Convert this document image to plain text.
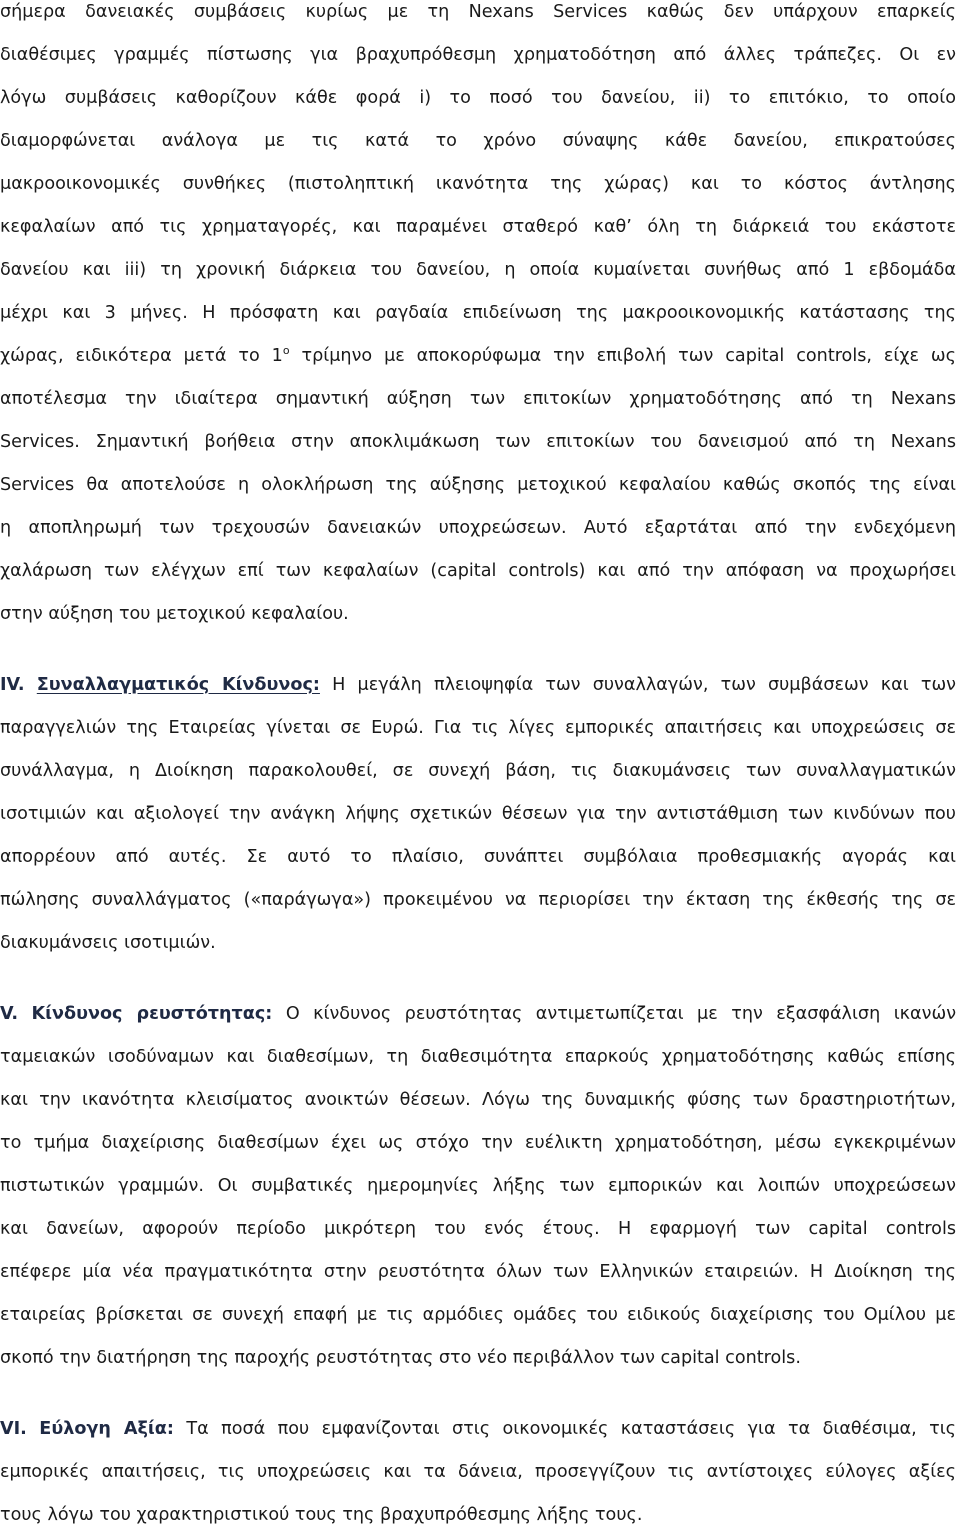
σήμερα δανειακές συμβάσεις κυρίως με τη Nexans Services καθώς δεν υπάρχουν επαρκείς
διαθέσιμες γραμμές πίστωσης για βραχυπρόθεσμη χρηματοδότηση από άλλες τράπεζες. Οι εν
λόγω συμβάσεις καθορίζουν κάθε φορά i) το ποσό του δανείου, ii) το επιτόκιο, το οποίο
διαμορφώνεται ανάλογα με τις κατά το χρόνο σύναψης κάθε δανείου, επικρατούσες
μακροοικονομικές συνθήκες (πιστοληπτική ικανότητα της χώρας) και το κόστος άντλησης
κεφαλαίων από τις χρηματαγορές, και παραμένει σταθερό καθ’ όλη τη διάρκειά του εκάστοτε
δανείου και iii) τη χρονική διάρκεια του δανείου, η οποία κυμαίνεται συνήθως από 1 εβδομάδα
μέχρι και 3 μήνες. Η πρόσφατη και ραγδαία επιδείνωση της μακροοικονομικής κατάστασης της
χώρας, ειδικότερα μετά το $1^o$ τρίμηνο με αποκορύφωμα την επιβολή των capital controls, είχε ως
αποτέλεσμα την ιδιαίτερα σημαντική αύξηση των επιτοκίων χρηματοδότησης από τη Nexans
Services. Σημαντική βοήθεια στην αποκλιμάκωση των επιτοκίων του δανεισμού από τη Nexans
Services θα αποτελούσε η ολοκλήρωση της αύξησης μετοχικού κεφαλαίου καθώς σκοπός της είναι
η αποπληρωμή των τρεχουσών δανειακών υποχρεώσεων. Αυτό εξαρτάται από την ενδεχόμενη
χαλάρωση των ελέγχων επί των κεφαλαίων (capital controls) και από την απόφαση να προχωρήσει
στην αύξηση του μετοχικού κεφαλαίου.
IV. Συναλλαγματικός Κίνδυνος: Η μεγάλη πλειοψηφία των συναλλαγών, των συμβάσεων και των
παραγγελιών της Εταιρείας γίνεται σε Ευρώ. Για τις λίγες εμπορικές απαιτήσεις και υποχρεώσεις σε
συνάλλαγμα, η Διοίκηση παρακολουθεί, σε συνεχή βάση, τις διακυμάνσεις των συναλλαγματικών
ισοτιμιών και αξιολογεί την ανάγκη λήψης σχετικών θέσεων για την αντιστάθμιση των κινδύνων που
απορρέουν από αυτές. Σε αυτό το πλαίσιο, συνάπτει συμβόλαια προθεσμιακής αγοράς και
πώλησης συναλλάγματος («παράγωγα») προκειμένου να περιορίσει την έκταση της έκθεσής της σε
διακυμάνσεις ισοτιμιών.
V. Κίνδυνος ρευστότητας: Ο κίνδυνος ρευστότητας αντιμετωπίζεται με την εξασφάλιση ικανών
ταμειακών ισοδύναμων και διαθεσίμων, τη διαθεσιμότητα επαρκούς χρηματοδότησης καθώς επίσης
και την ικανότητα κλεισίματος ανοικτών θέσεων. Λόγω της δυναμικής φύσης των δραστηριοτήτων,
το τμήμα διαχείρισης διαθεσίμων έχει ως στόχο την ευέλικτη χρηματοδότηση, μέσω εγκεκριμένων
πιστωτικών γραμμών. Οι συμβατικές ημερομηνίες λήξης των εμπορικών και λοιπών υποχρεώσεων
και δανείων, αφορούν περίοδο μικρότερη του ενός έτους. Η εφαρμογή των capital controls
επέφερε μία νέα πραγματικότητα στην ρευστότητα όλων των Ελληνικών εταιρειών. Η Διοίκηση της
εταιρείας βρίσκεται σε συνεχή επαφή με τις αρμόδιες ομάδες του ειδικούς διαχείρισης του Ομίλου με
σκοπό την διατήρηση της παροχής ρευστότητας στο νέο περιβάλλον των capital controls.
VI. Εύλογη Αξία: Τα ποσά που εμφανίζονται στις οικονομικές καταστάσεις για τα διαθέσιμα, τις
εμπορικές απαιτήσεις, τις υποχρεώσεις και τα δάνεια, προσεγγίζουν τις αντίστοιχες εύλογες αξίες
τους λόγω του χαρακτηριστικού τους της βραχυπρόθεσμης λήξης τους.
